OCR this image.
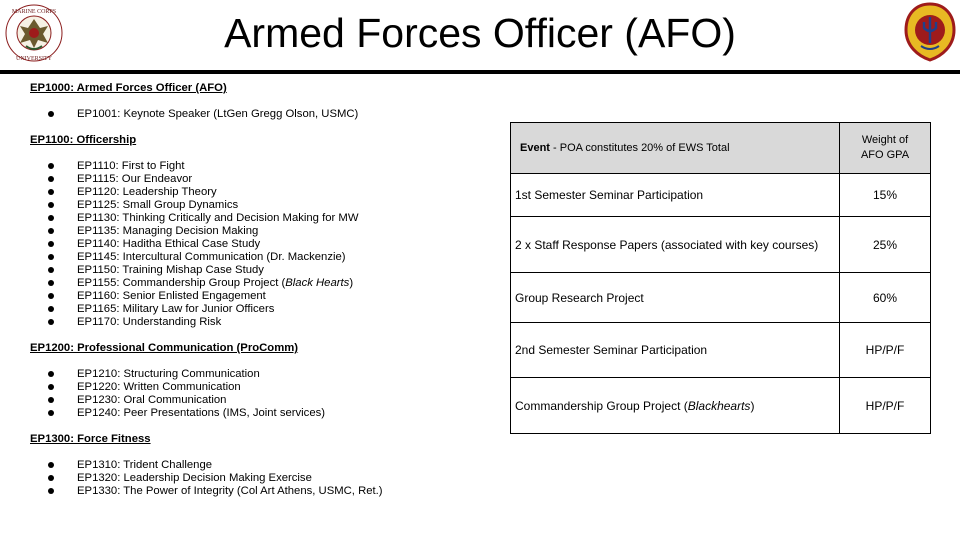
MARINE CORPS
UNIVERSITY
Armed Forces Officer (AFO)
EP1000: Armed Forces Officer (AFO)
EP1001: Keynote Speaker (LtGen Gregg Olson, USMC)
EP1100: Officership
EP1110: First to Fight
EP1115: Our Endeavor
EP1120: Leadership Theory
EP1125: Small Group Dynamics
EP1130: Thinking Critically and Decision Making for MW
EP1135: Managing Decision Making
EP1140: Haditha Ethical Case Study
EP1145: Intercultural Communication (Dr. Mackenzie)
EP1150: Training Mishap Case Study
EP1155: Commandership Group Project (Black Hearts)
EP1160: Senior Enlisted Engagement
EP1165: Military Law for Junior Officers
EP1170: Understanding Risk
EP1200: Professional Communication (ProComm)
EP1210: Structuring Communication
EP1220: Written Communication
EP1230: Oral Communication
EP1240: Peer Presentations (IMS, Joint services)
EP1300: Force Fitness
EP1310: Trident Challenge
EP1320: Leadership Decision Making Exercise
EP1330: The Power of Integrity (Col Art Athens, USMC, Ret.)
Event - POA constitutes 20% of EWS Total	Weight of
AFO GPA
1st Semester Seminar Participation	15%
2 x Staff Response Papers (associated with key courses)	25%
Group Research Project	60%
2nd Semester Seminar Participation	HP/P/F
Commandership Group Project (Blackhearts)	HP/P/F
